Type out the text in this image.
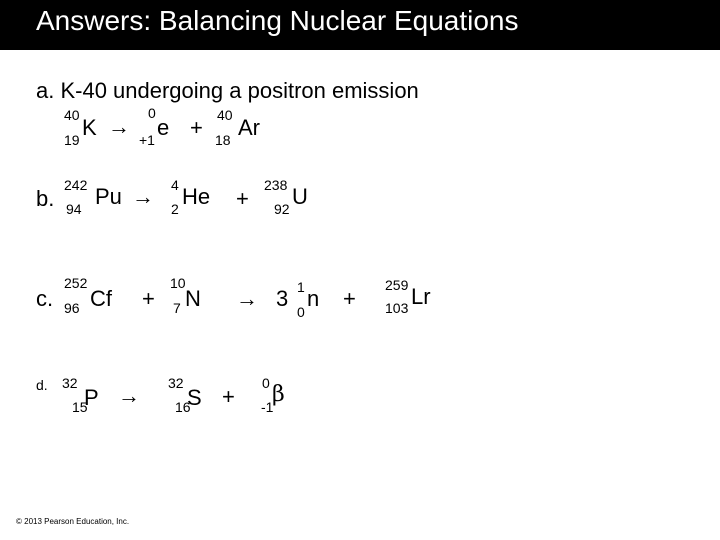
Answers: Balancing Nuclear Equations
a. K-40 undergoing a positron emission
40
19 K →
0
+1 e + 40
18 Ar
b.
242
94 Pu → 4
2 He +
238
92 U
c.
252
96 Cf +
10
7 N → 3 1
0
n +
259
103 Lr
d. 32
15
P → 32
16
S +
0
-1
β
© 2013 Pearson Education, Inc.
